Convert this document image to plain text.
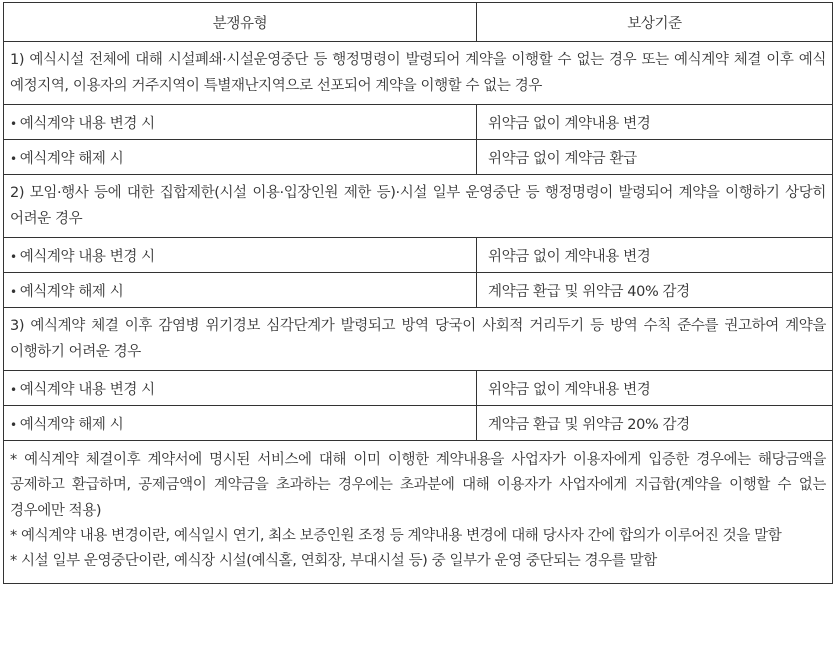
분쟁유형	보상기준
1) 예식시설 전체에 대해 시설폐쇄·시설운영중단 등 행정명령이 발령되어 계약을 이행할 수 없는 경우 또는 예식계약 체결 이후 예식 예정지역, 이용자의 거주지역이 특별재난지역으로 선포되어 계약을 이행할 수 없는 경우	
• 예식계약 내용 변경 시	위약금 없이 계약내용 변경
• 예식계약 해제 시	위약금 없이 계약금 환급
2) 모임·행사 등에 대한 집합제한(시설 이용·입장인원 제한 등)·시설 일부 운영중단 등 행정명령이 발령되어 계약을 이행하기 상당히 어려운 경우	
• 예식계약 내용 변경 시	위약금 없이 계약내용 변경
• 예식계약 해제 시	계약금 환급 및 위약금 40% 감경
3) 예식계약 체결 이후 감염병 위기경보 심각단계가 발령되고 방역 당국이 사회적 거리두기 등 방역 수칙 준수를 권고하여 계약을 이행하기 어려운 경우	
• 예식계약 내용 변경 시	위약금 없이 계약내용 변경
• 예식계약 해제 시	계약금 환급 및 위약금 20% 감경

* 예식계약 체결이후 계약서에 명시된 서비스에 대해 이미 이행한 계약내용을 사업자가 이용자에게 입증한 경우에는 해당금액을 공제하고 환급하며, 공제금액이 계약금을 초과하는 경우에는 초과분에 대해 이용자가 사업자에게 지급함(계약을 이행할 수 없는 경우에만 적용)
* 예식계약 내용 변경이란, 예식일시 연기, 최소 보증인원 조정 등 계약내용 변경에 대해 당사자 간에 합의가 이루어진 것을 말함
* 시설 일부 운영중단이란, 예식장 시설(예식홀, 연회장, 부대시설 등) 중 일부가 운영 중단되는 경우를 말함	
